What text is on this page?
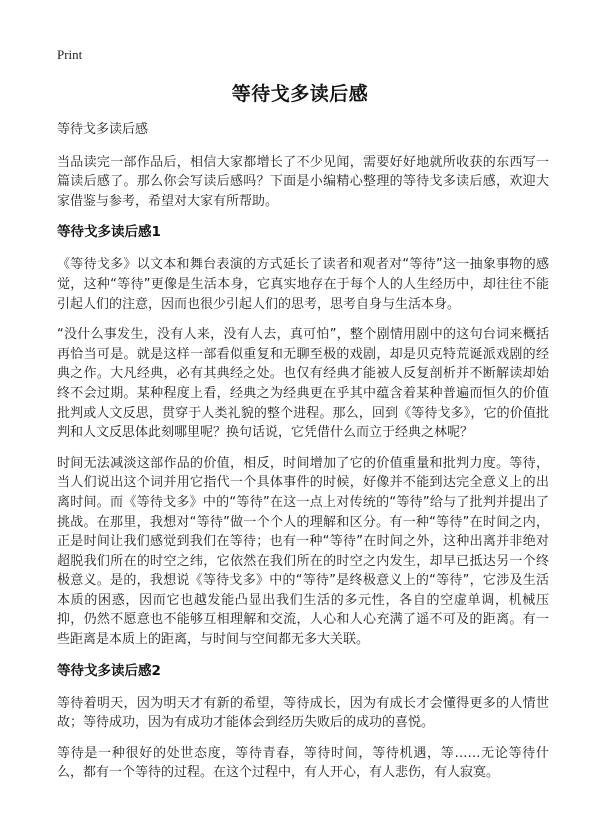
Print
等待戈多读后感

等待戈多读后感

当品读完一部作品后，相信大家都增长了不少见闻，需要好好地就所收获的东西写一篇读后感了。那么你会写读后感吗？下面是小编精心整理的等待戈多读后感，欢迎大家借鉴与参考，希望对大家有所帮助。

等待戈多读后感1

《等待戈多》以文本和舞台表演的方式延长了读者和观者对“等待”这一抽象事物的感觉，这种“等待”更像是生活本身，它真实地存在于每个人的人生经历中，却往往不能引起人们的注意，因而也很少引起人们的思考，思考自身与生活本身。

“没什么事发生，没有人来，没有人去，真可怕”，整个剧情用剧中的这句台词来概括再恰当可是。就是这样一部看似重复和无聊至极的戏剧，却是贝克特荒诞派戏剧的经典之作。大凡经典，必有其典经之处。也仅有经典才能被人反复剖析并不断解读却始终不会过期。某种程度上看，经典之为经典更在乎其中蕴含着某种普遍而恒久的价值批判或人文反思，贯穿于人类礼貌的整个进程。那么，回到《等待戈多》，它的价值批判和人文反思体此刻哪里呢？换句话说，它凭借什么而立于经典之林呢？

时间无法减淡这部作品的价值，相反，时间增加了它的价值重量和批判力度。等待，当人们说出这个词并用它指代一个具体事件的时候，好像并不能到达完全意义上的出离时间。而《等待戈多》中的“等待”在这一点上对传统的“等待”给与了批判并提出了挑战。在那里，我想对“等待”做一个个人的理解和区分。有一种“等待”在时间之内，正是时间让我们感觉到我们在等待；也有一种“等待”在时间之外，这种出离并非绝对超脱我们所在的时空之纬，它依然在我们所在的时空之内发生，却早已抵达另一个终极意义。是的，我想说《等待戈多》中的“等待”是终极意义上的“等待”，它涉及生活本质的困惑，因而它也越发能凸显出我们生活的多元性，各自的空虚单调，机械压抑，仍然不愿意也不能够互相理解和交流，人心和人心充满了遥不可及的距离。有一些距离是本质上的距离，与时间与空间都无多大关联。

等待戈多读后感2

等待着明天，因为明天才有新的希望，等待成长，因为有成长才会懂得更多的人情世故；等待成功，因为有成功才能体会到经历失败后的成功的喜悦。

等待是一种很好的处世态度，等待青春，等待时间，等待机遇，等……无论等待什么，都有一个等待的过程。在这个过程中，有人开心，有人悲伤，有人寂寞。
